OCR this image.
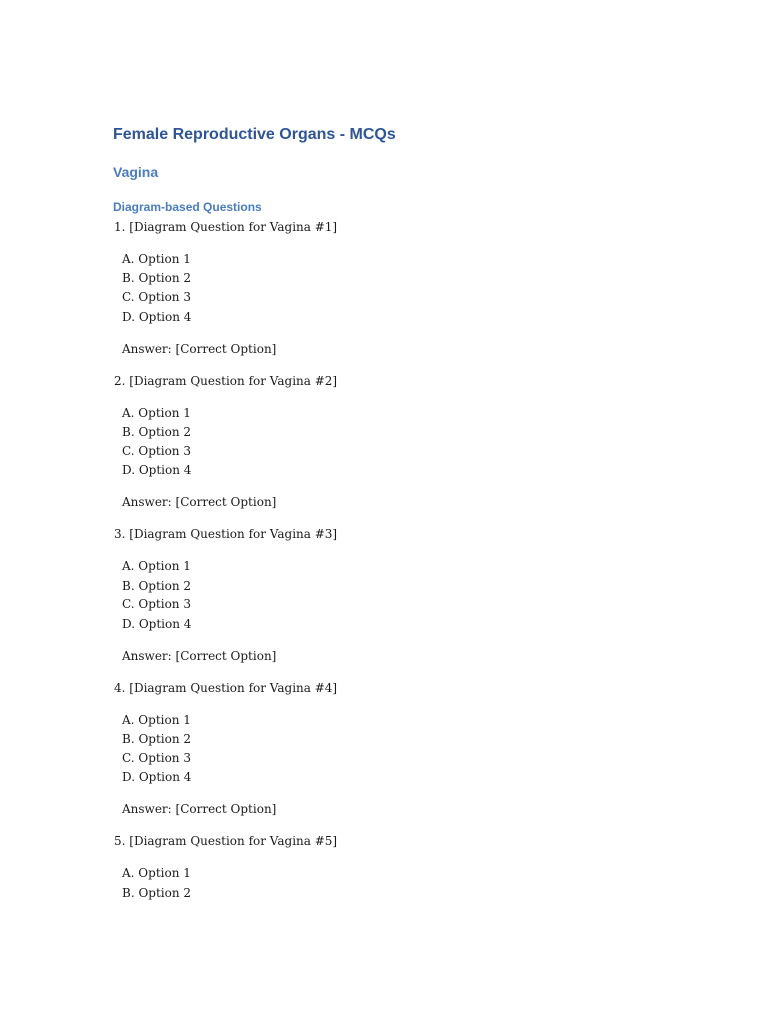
Female Reproductive Organs - MCQs
Vagina
Diagram-based Questions
1. [Diagram Question for Vagina #1]
A. Option 1
B. Option 2
C. Option 3
D. Option 4
Answer: [Correct Option]
2. [Diagram Question for Vagina #2]
A. Option 1
B. Option 2
C. Option 3
D. Option 4
Answer: [Correct Option]
3. [Diagram Question for Vagina #3]
A. Option 1
B. Option 2
C. Option 3
D. Option 4
Answer: [Correct Option]
4. [Diagram Question for Vagina #4]
A. Option 1
B. Option 2
C. Option 3
D. Option 4
Answer: [Correct Option]
5. [Diagram Question for Vagina #5]
A. Option 1
B. Option 2
